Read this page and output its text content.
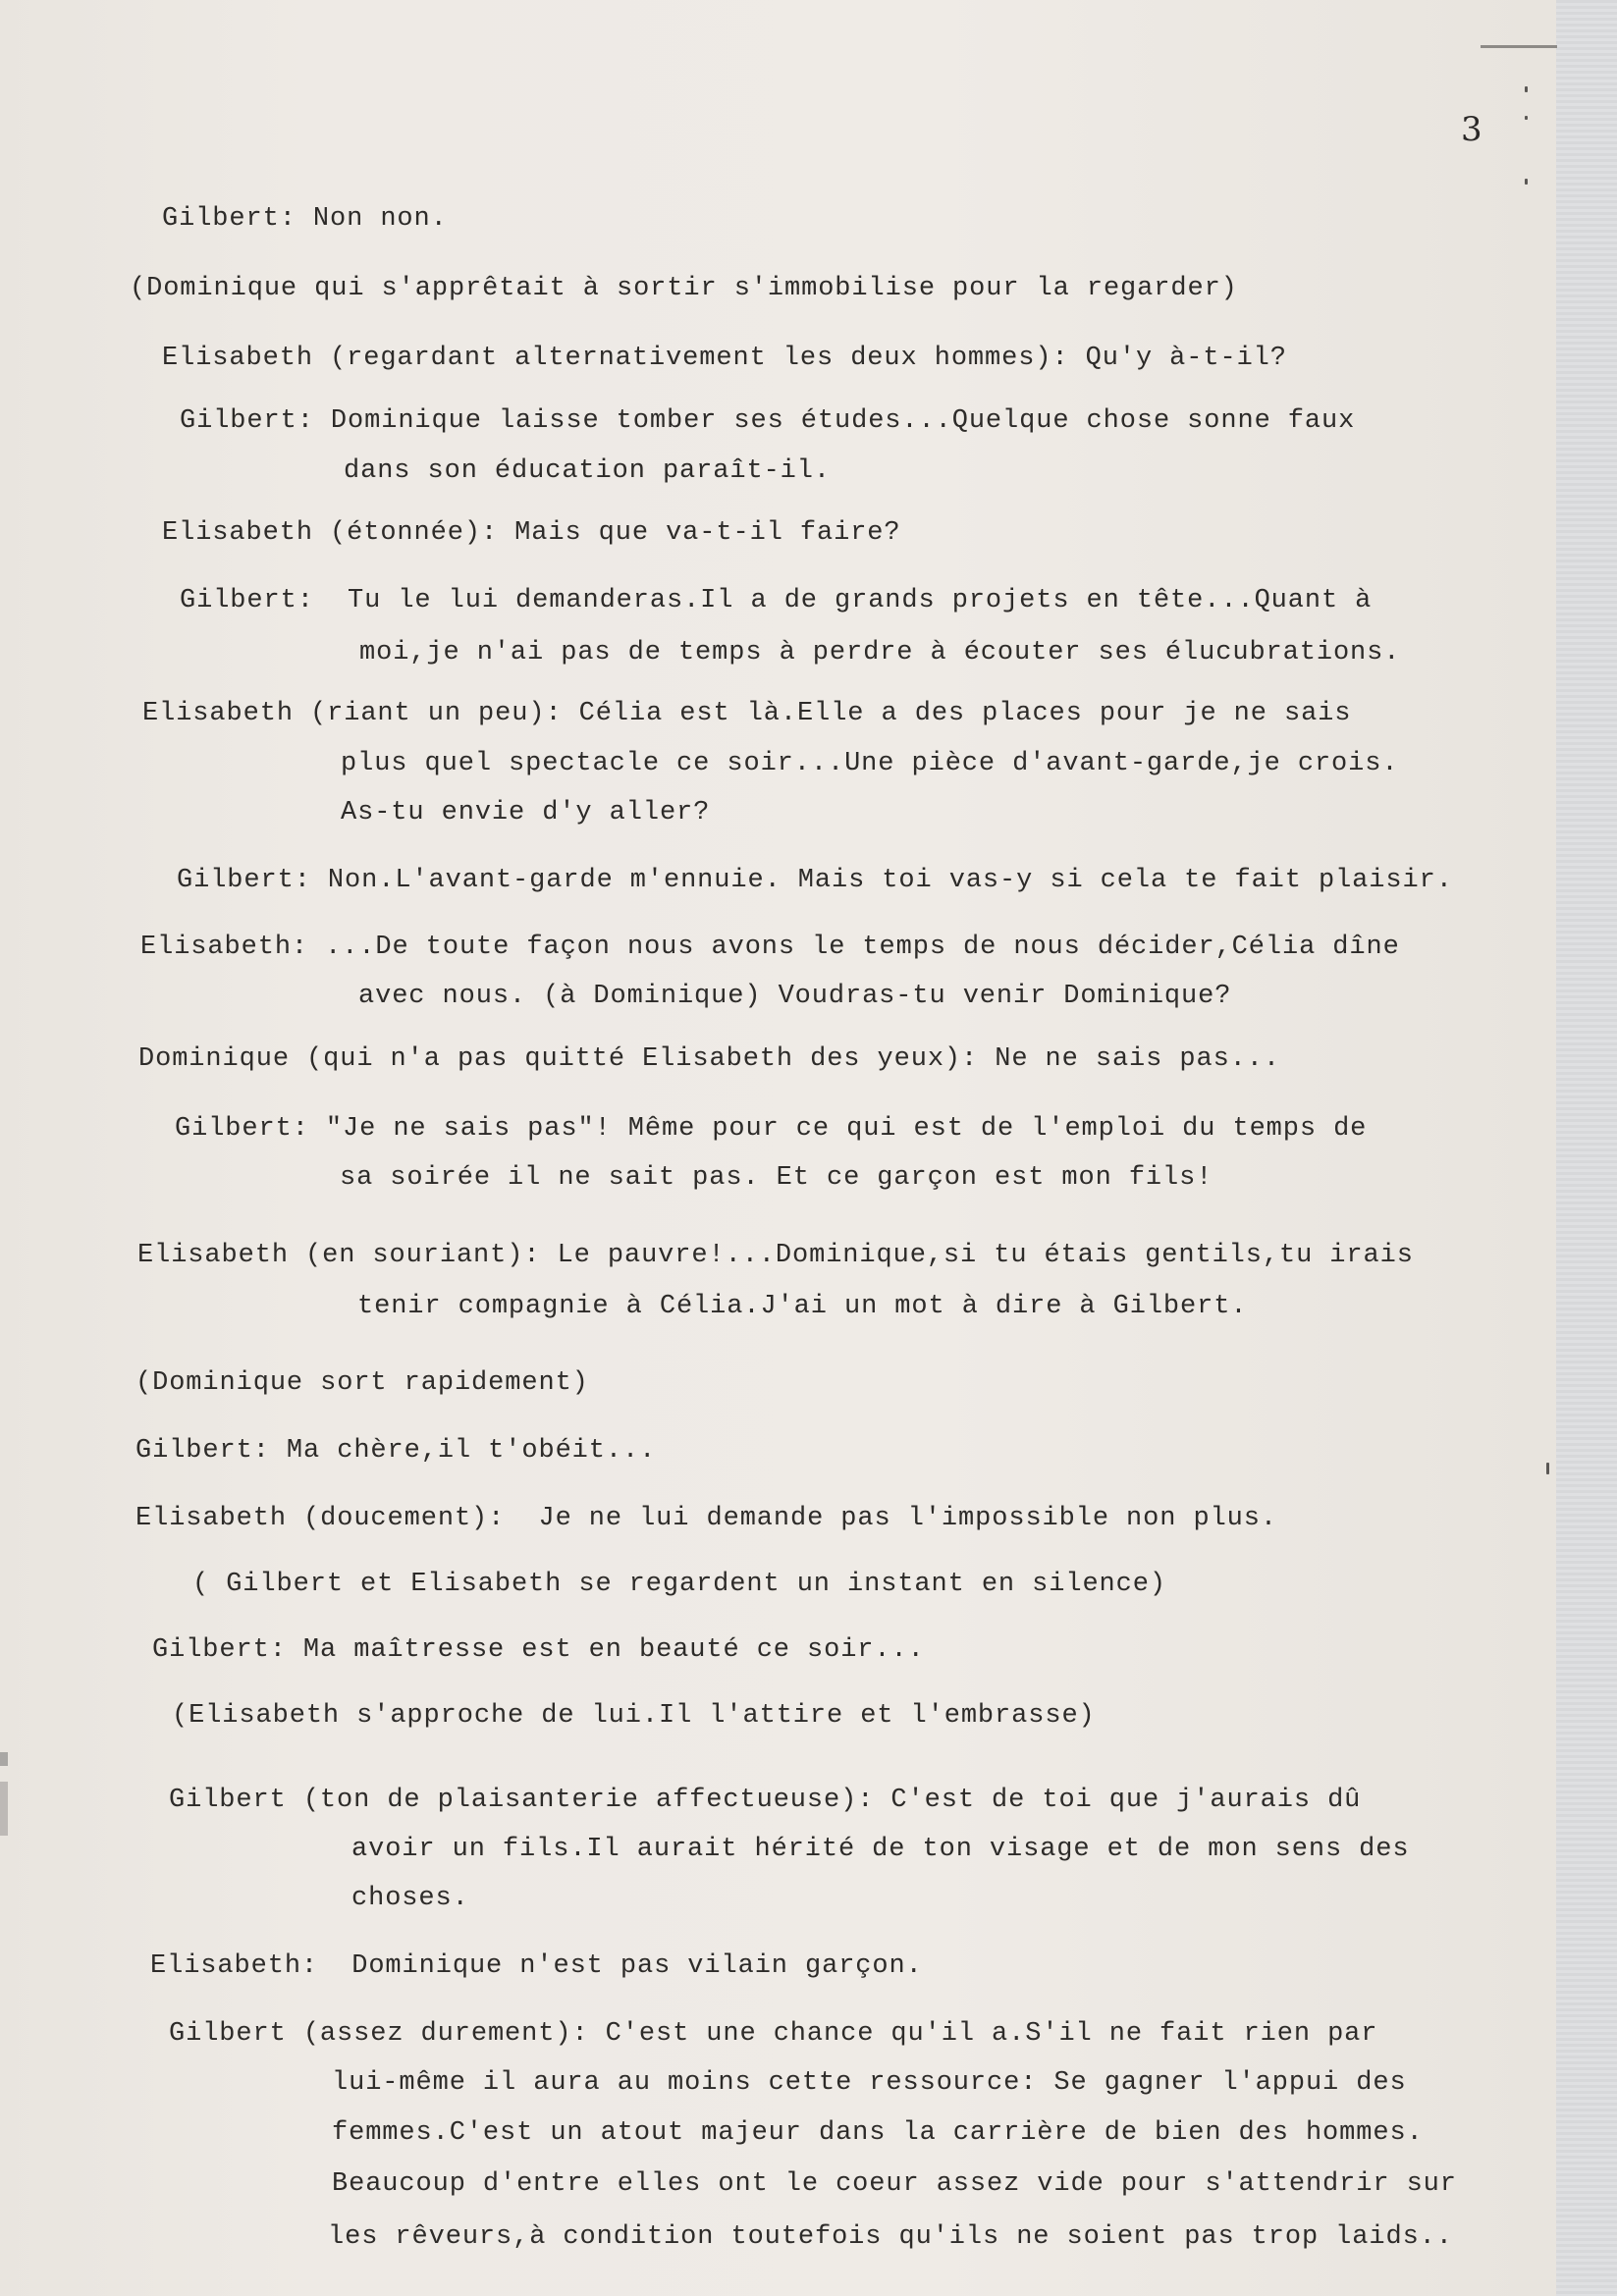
3
Gilbert: Non non.
(Dominique qui s'apprêtait à sortir s'immobilise pour la regarder)
Elisabeth (regardant alternativement les deux hommes): Qu'y à-t-il?
Gilbert: Dominique laisse tomber ses études...Quelque chose sonne faux
dans son éducation paraît-il.
Elisabeth (étonnée): Mais que va-t-il faire?
Gilbert:  Tu le lui demanderas.Il a de grands projets en tête...Quant à
moi,je n'ai pas de temps à perdre à écouter ses élucubrations.
Elisabeth (riant un peu): Célia est là.Elle a des places pour je ne sais
plus quel spectacle ce soir...Une pièce d'avant-garde,je crois.
As-tu envie d'y aller?
Gilbert: Non.L'avant-garde m'ennuie. Mais toi vas-y si cela te fait plaisir.
Elisabeth: ...De toute façon nous avons le temps de nous décider,Célia dîne
avec nous. (à Dominique) Voudras-tu venir Dominique?
Dominique (qui n'a pas quitté Elisabeth des yeux): Ne ne sais pas...
Gilbert: "Je ne sais pas"! Même pour ce qui est de l'emploi du temps de
sa soirée il ne sait pas. Et ce garçon est mon fils!
Elisabeth (en souriant): Le pauvre!...Dominique,si tu étais gentils,tu irais
tenir compagnie à Célia.J'ai un mot à dire à Gilbert.
(Dominique sort rapidement)
Gilbert: Ma chère,il t'obéit...
Elisabeth (doucement):  Je ne lui demande pas l'impossible non plus.
( Gilbert et Elisabeth se regardent un instant en silence)
Gilbert: Ma maîtresse est en beauté ce soir...
(Elisabeth s'approche de lui.Il l'attire et l'embrasse)
Gilbert (ton de plaisanterie affectueuse): C'est de toi que j'aurais dû
avoir un fils.Il aurait hérité de ton visage et de mon sens des
choses.
Elisabeth:  Dominique n'est pas vilain garçon.
Gilbert (assez durement): C'est une chance qu'il a.S'il ne fait rien par
lui-même il aura au moins cette ressource: Se gagner l'appui des
femmes.C'est un atout majeur dans la carrière de bien des hommes.
Beaucoup d'entre elles ont le coeur assez vide pour s'attendrir sur
les rêveurs,à condition toutefois qu'ils ne soient pas trop laids..
